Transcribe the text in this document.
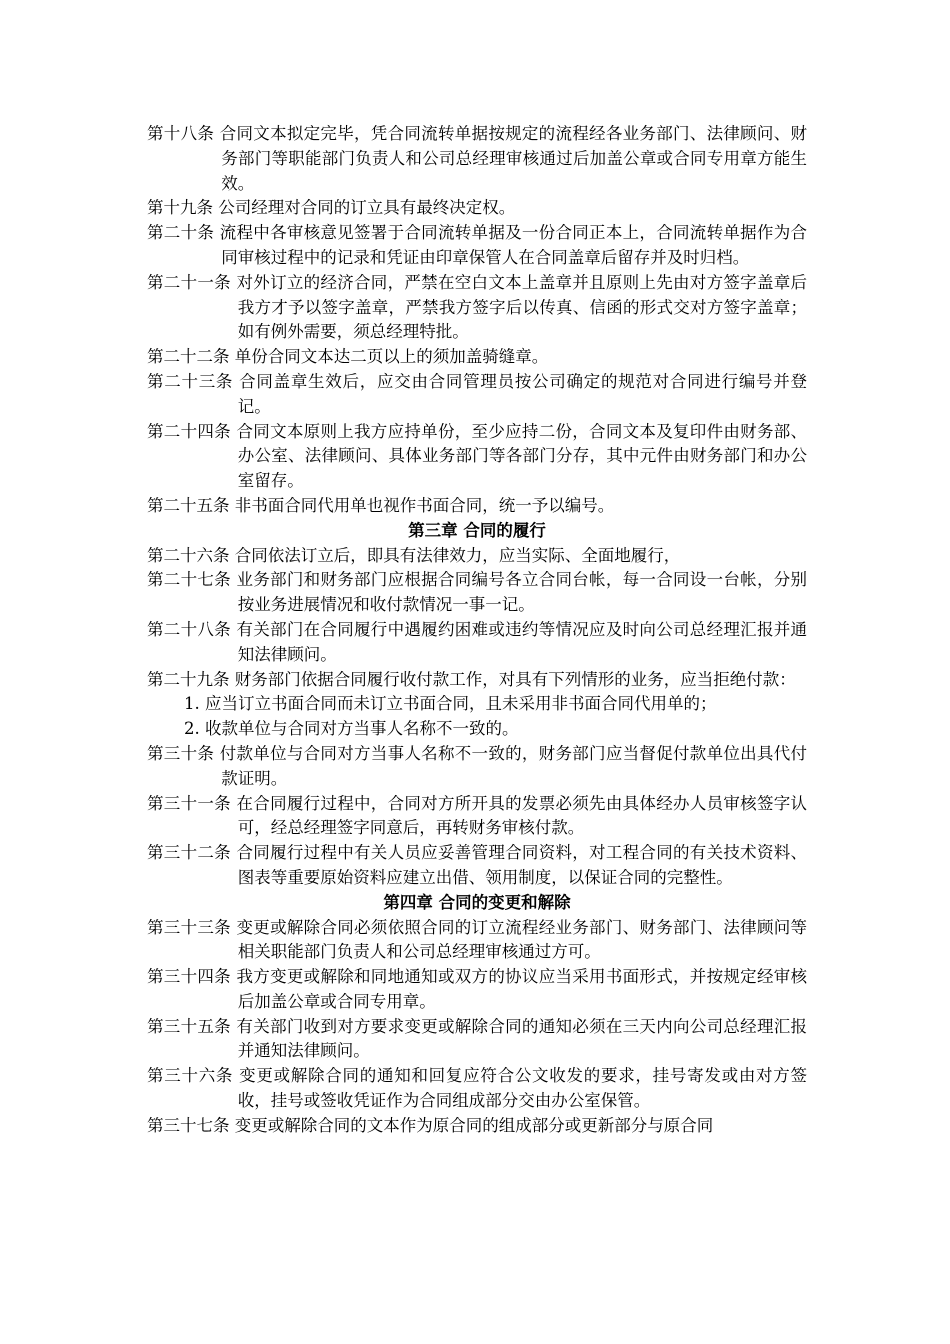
第十八条 合同文本拟定完毕，凭合同流转单据按规定的流程经各业务部门、法律顾问、财务部门等职能部门负责人和公司总经理审核通过后加盖公章或合同专用章方能生效。
第十九条 公司经理对合同的订立具有最终决定权。
第二十条 流程中各审核意见签署于合同流转单据及一份合同正本上，合同流转单据作为合同审核过程中的记录和凭证由印章保管人在合同盖章后留存并及时归档。
第二十一条 对外订立的经济合同，严禁在空白文本上盖章并且原则上先由对方签字盖章后我方才予以签字盖章，严禁我方签字后以传真、信函的形式交对方签字盖章；如有例外需要，须总经理特批。
第二十二条 单份合同文本达二页以上的须加盖骑缝章。
第二十三条 合同盖章生效后，应交由合同管理员按公司确定的规范对合同进行编号并登记。
第二十四条 合同文本原则上我方应持单份，至少应持二份，合同文本及复印件由财务部、办公室、法律顾问、具体业务部门等各部门分存，其中元件由财务部门和办公室留存。
第二十五条 非书面合同代用单也视作书面合同，统一予以编号。
第三章 合同的履行
第二十六条 合同依法订立后，即具有法律效力，应当实际、全面地履行，
第二十七条 业务部门和财务部门应根据合同编号各立合同台帐，每一合同设一台帐，分别按业务进展情况和收付款情况一事一记。
第二十八条 有关部门在合同履行中遇履约困难或违约等情况应及时向公司总经理汇报并通知法律顾问。
第二十九条 财务部门依据合同履行收付款工作，对具有下列情形的业务，应当拒绝付款：
1. 应当订立书面合同而未订立书面合同，且未采用非书面合同代用单的；
2. 收款单位与合同对方当事人名称不一致的。
第三十条 付款单位与合同对方当事人名称不一致的，财务部门应当督促付款单位出具代付款证明。
第三十一条 在合同履行过程中，合同对方所开具的发票必须先由具体经办人员审核签字认可，经总经理签字同意后，再转财务审核付款。
第三十二条 合同履行过程中有关人员应妥善管理合同资料，对工程合同的有关技术资料、图表等重要原始资料应建立出借、领用制度，以保证合同的完整性。
第四章 合同的变更和解除
第三十三条 变更或解除合同必须依照合同的订立流程经业务部门、财务部门、法律顾问等相关职能部门负责人和公司总经理审核通过方可。
第三十四条 我方变更或解除和同地通知或双方的协议应当采用书面形式，并按规定经审核后加盖公章或合同专用章。
第三十五条 有关部门收到对方要求变更或解除合同的通知必须在三天内向公司总经理汇报并通知法律顾问。
第三十六条 变更或解除合同的通知和回复应符合公文收发的要求，挂号寄发或由对方签收，挂号或签收凭证作为合同组成部分交由办公室保管。
第三十七条 变更或解除合同的文本作为原合同的组成部分或更新部分与原合同
